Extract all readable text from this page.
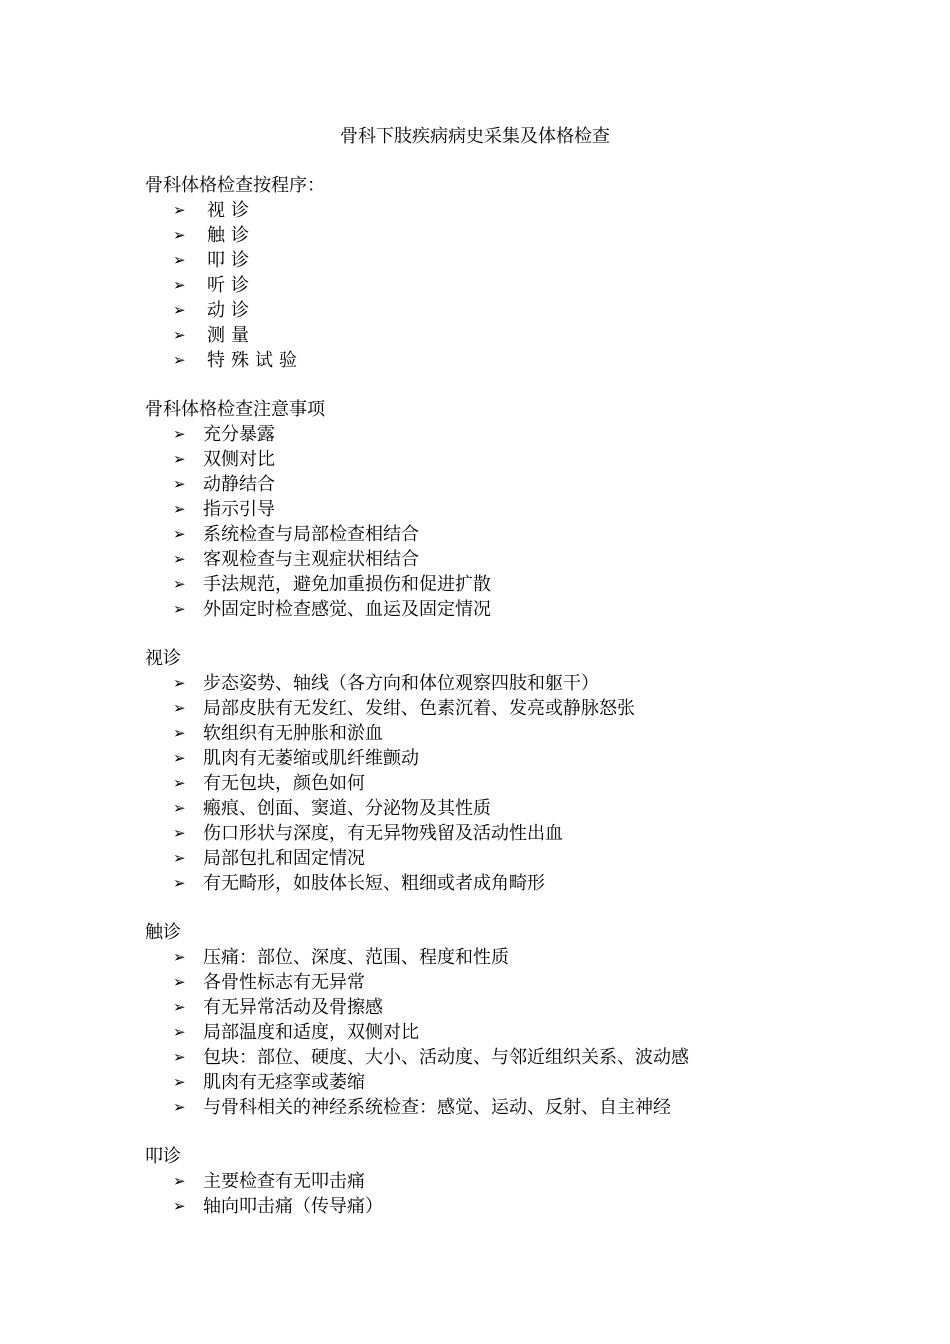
骨科下肢疾病病史采集及体格检查
骨科体格检查按程序：
➢ 视诊
➢ 触诊
➢ 叩诊
➢ 听诊
➢ 动诊
➢ 测量
➢ 特殊试验
骨科体格检查注意事项
➢ 充分暴露
➢ 双侧对比
➢ 动静结合
➢ 指示引导
➢ 系统检查与局部检查相结合
➢ 客观检查与主观症状相结合
➢ 手法规范，避免加重损伤和促进扩散
➢ 外固定时检查感觉、血运及固定情况
视诊
➢ 步态姿势、轴线（各方向和体位观察四肢和躯干）
➢ 局部皮肤有无发红、发绀、色素沉着、发亮或静脉怒张
➢ 软组织有无肿胀和淤血
➢ 肌肉有无萎缩或肌纤维颤动
➢ 有无包块，颜色如何
➢ 瘢痕、创面、窦道、分泌物及其性质
➢ 伤口形状与深度，有无异物残留及活动性出血
➢ 局部包扎和固定情况
➢ 有无畸形，如肢体长短、粗细或者成角畸形
触诊
➢ 压痛：部位、深度、范围、程度和性质
➢ 各骨性标志有无异常
➢ 有无异常活动及骨擦感
➢ 局部温度和适度，双侧对比
➢ 包块：部位、硬度、大小、活动度、与邻近组织关系、波动感
➢ 肌肉有无痉挛或萎缩
➢ 与骨科相关的神经系统检查：感觉、运动、反射、自主神经
叩诊
➢ 主要检查有无叩击痛
➢ 轴向叩击痛（传导痛）
